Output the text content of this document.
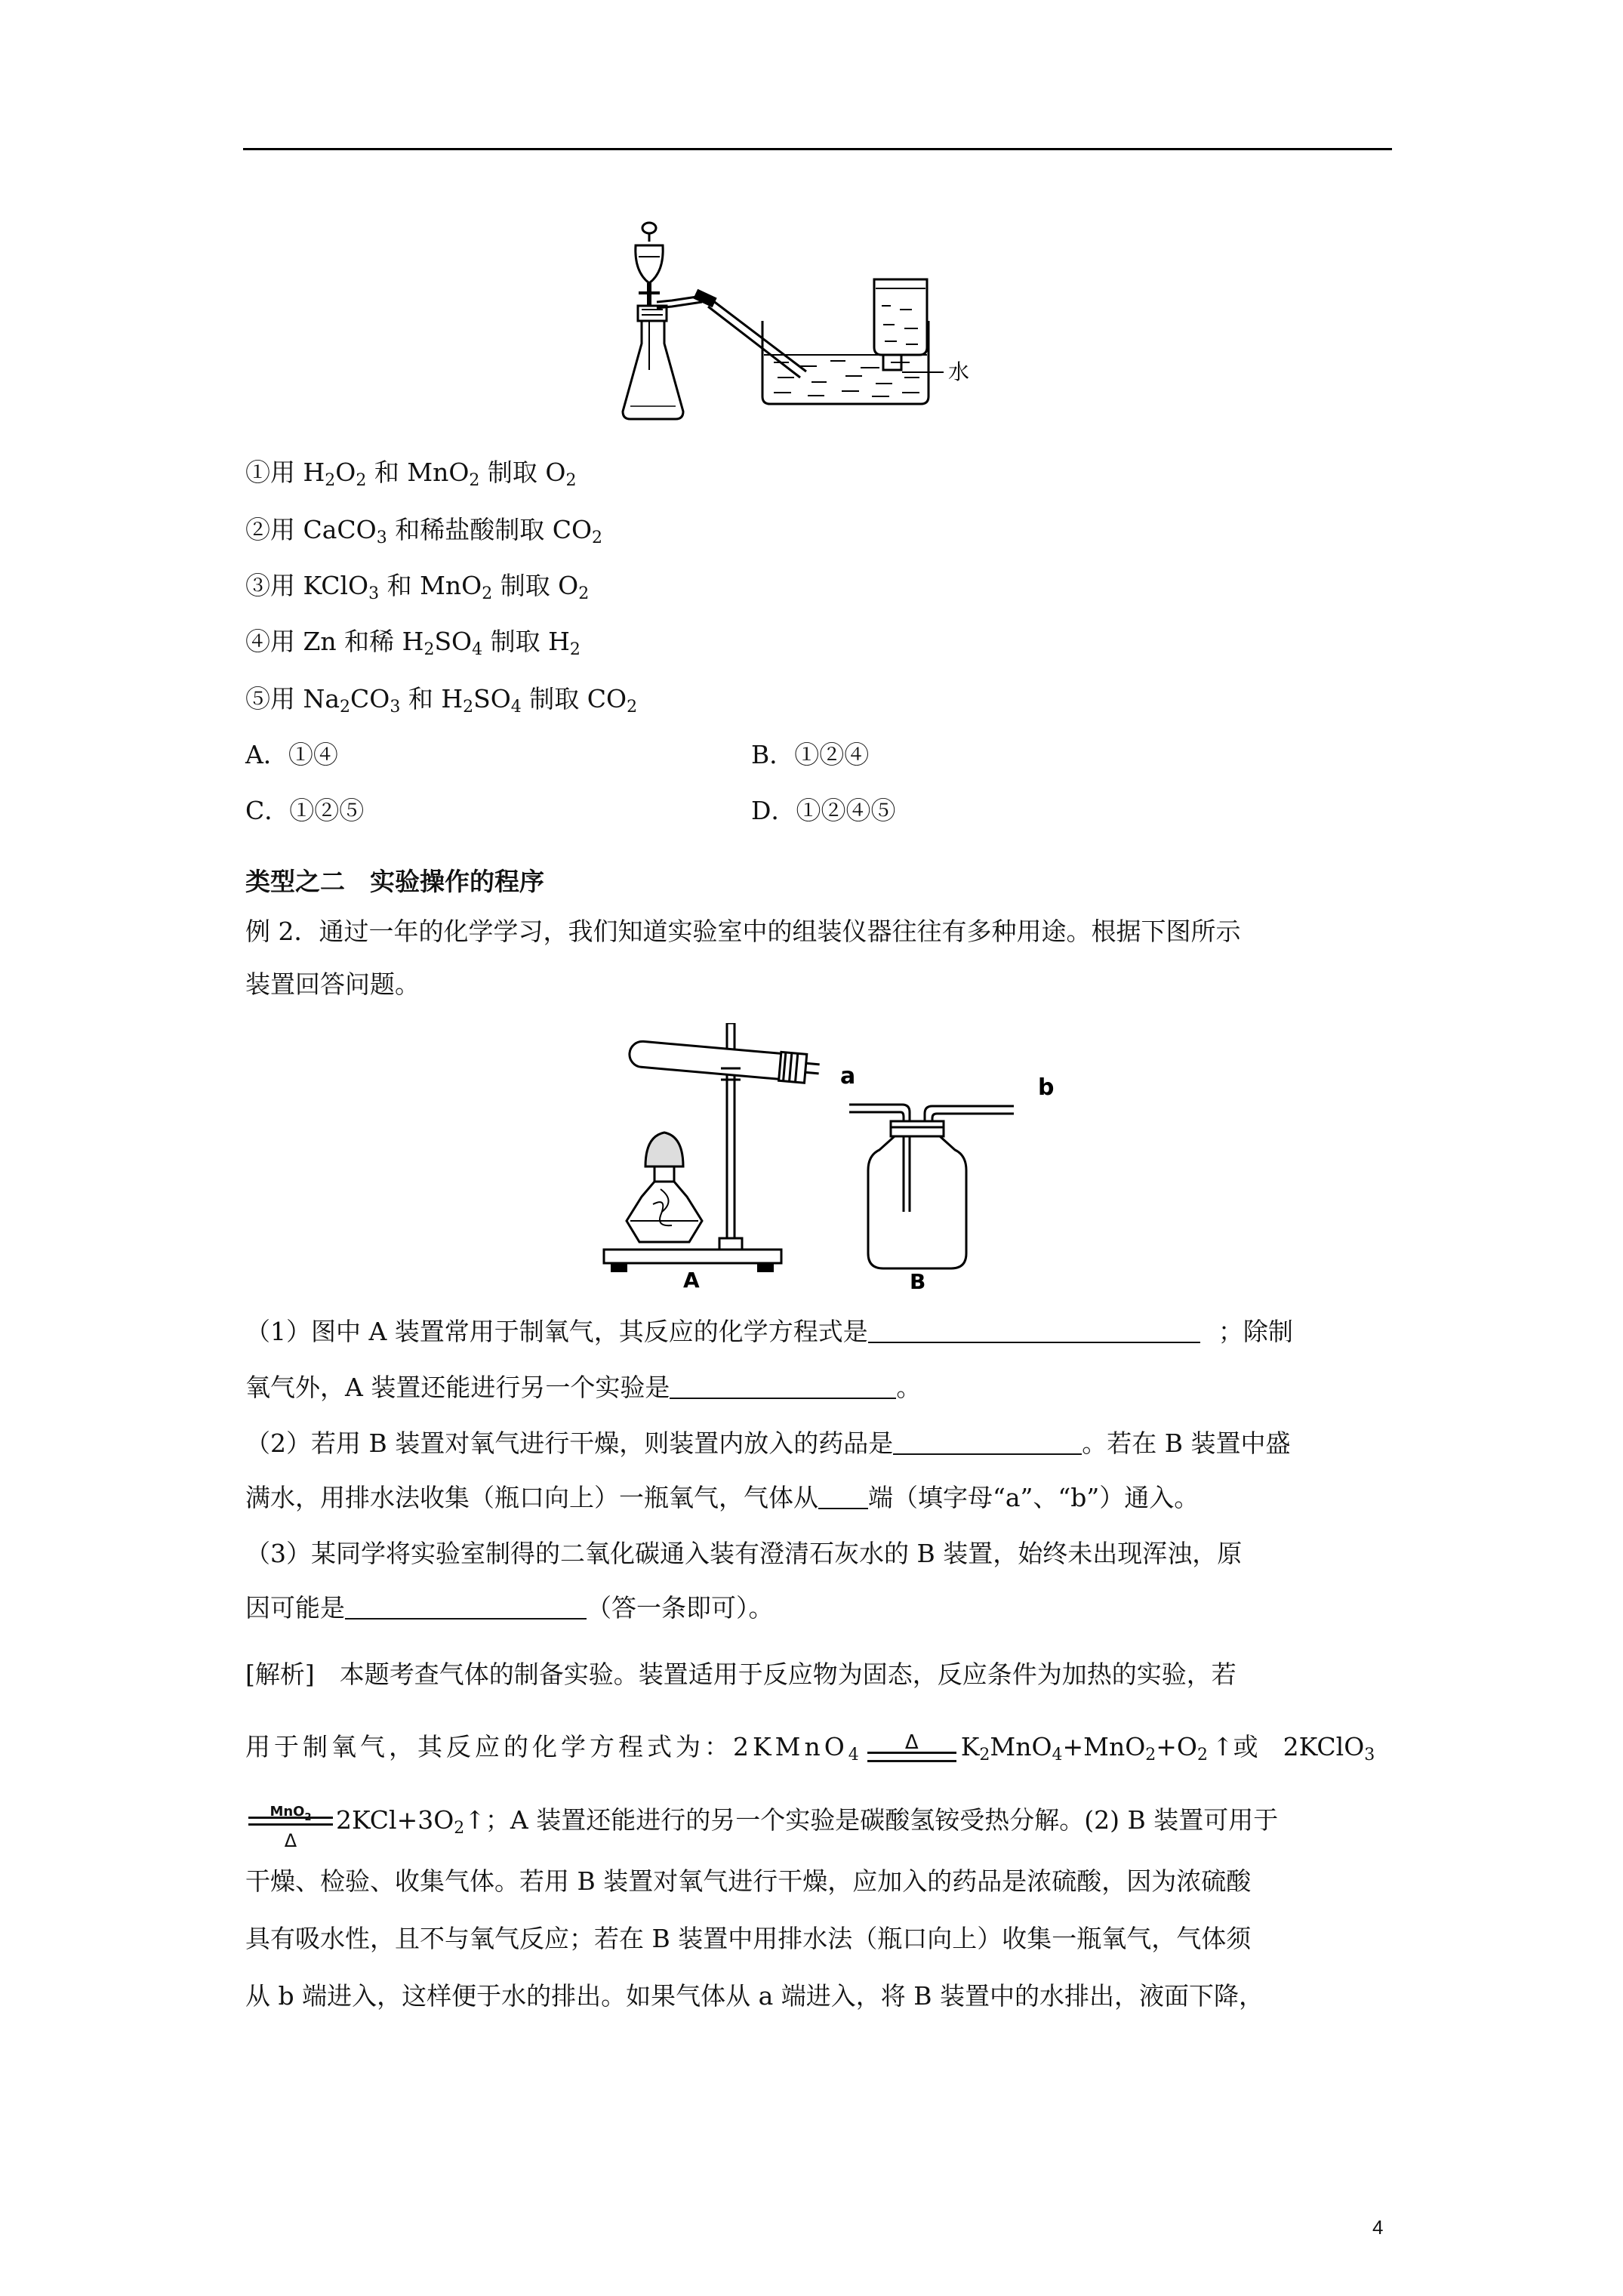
水
①用 $H_2O_2$ 和 MnO$_2$ 制取 $O_2$
②用 CaCO$_3$ 和稀盐酸制取 $CO_2$
③用 KClO$_3$ 和 MnO$_2$ 制取 $O_2$
④用 Zn 和稀 $H_2SO_4$ 制取 $H_2$
⑤用 $Na_2CO_3$ 和 $H_2SO_4$ 制取 $CO_2$
A．①④	B．①②④
C．①②⑤	D．①②④⑤
类型之二　实验操作的程序
例 2．通过一年的化学学习，我们知道实验室中的组装仪器往往有多种用途。根据下图所示
装置回答问题。
A
a	b
B
（1）图中 A 装置常用于制氧气，其反应的化学方程式是	；除制
氧气外，A 装置还能进行另一个实验是	。
（2）若用 B 装置对氧气进行干燥，则装置内放入的药品是	。若在 B 装置中盛
满水，用排水法收集（瓶口向上）一瓶氧气，气体从 端（填字母“a”、“b”）通入。
（3）某同学将实验室制得的二氧化碳通入装有澄清石灰水的 B 装置，始终未出现浑浊，原
因可能是	（答一条即可）。
[解析]　本题考查气体的制备实验。装置适用于反应物为固态，反应条件为加热的实验，若
用于制氧气，其反应的化学方程式为：2KMnO$_4$
Δ	$K_2MnO_4+MnO_2+O_2$ ↑或　2KClO$_3$
MnO$_2$
Δ
$2KCl+3O_2↑$；A 装置还能进行的另一个实验是碳酸氢铵受热分解。(2) B 装置可用于
干燥、检验、收集气体。若用 B 装置对氧气进行干燥，应加入的药品是浓硫酸，因为浓硫酸
具有吸水性，且不与氧气反应；若在 B 装置中用排水法（瓶口向上）收集一瓶氧气，气体须
从 b 端进入，这样便于水的排出。如果气体从 a 端进入，将 B 装置中的水排出，液面下降，
4
